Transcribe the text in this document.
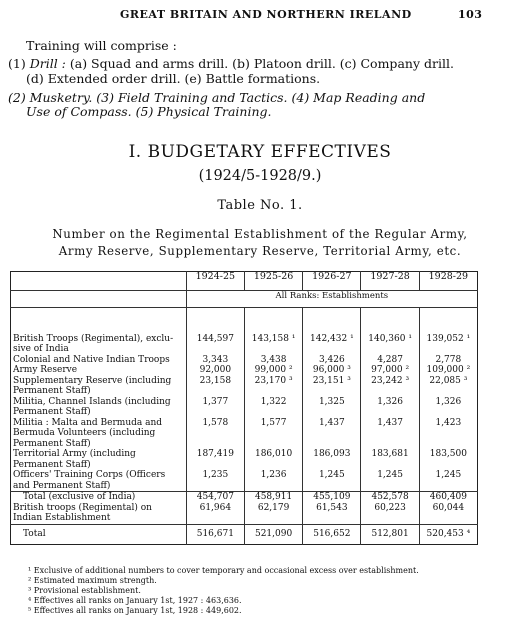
GREAT BRITAIN AND NORTHERN IRELAND	103
Training will comprise :
(1) Drill : (a) Squad and arms drill. (b) Platoon drill. (c) Company drill.
(d) Extended order drill. (e) Battle formations.
(2) Musketry. (3) Field Training and Tactics. (4) Map Reading and
Use of Compass. (5) Physical Training.
I. BUDGETARY EFFECTIVES
(1924/5-1928/9.)
Table No. 1.
Number on the Regimental Establishment of the Regular Army,
Army Reserve, Supplementary Reserve, Territorial Army, etc.
	1924-25	1925-26	1926-27	1927-28	1928-29
	All Ranks: Establishments				

British Troops (Regimental), exclu-sive of India	144,597	143,158 ¹	142,432 ¹	140,360 ¹	139,052 ¹
Colonial and Native Indian Troops	3,343	3,438	3,426	4,287	2,778
Army Reserve	92,000	99,000 ²	96,000 ³	97,000 ²	109,000 ²
Supplementary Reserve (including Permanent Staff)	23,158	23,170 ³	23,151 ³	23,242 ³	22,085 ³
Militia, Channel Islands (including Permanent Staff)	1,377	1,322	1,325	1,326	1,326
Militia : Malta and Bermuda and Bermuda Volunteers (including Permanent Staff)	1,578	1,577	1,437	1,437	1,423
Territorial Army (including Permanent Staff)	187,419	186,010	186,093	183,681	183,500
Officers' Training Corps (Officers and Permanent Staff)	1,235	1,236	1,245	1,245	1,245
Total (exclusive of India)	454,707	458,911	455,109	452,578	460,409
British troops (Regimental) on Indian Establishment	61,964	62,179	61,543	60,223	60,044
Total	516,671	521,090	516,652	512,801	520,453 ⁴
¹ Exclusive of additional numbers to cover temporary and occasional excess over establishment.
² Estimated maximum strength.
³ Provisional establishment.
⁴ Effectives all ranks on January 1st, 1927 : 463,636.
⁵ Effectives all ranks on January 1st, 1928 : 449,602.
